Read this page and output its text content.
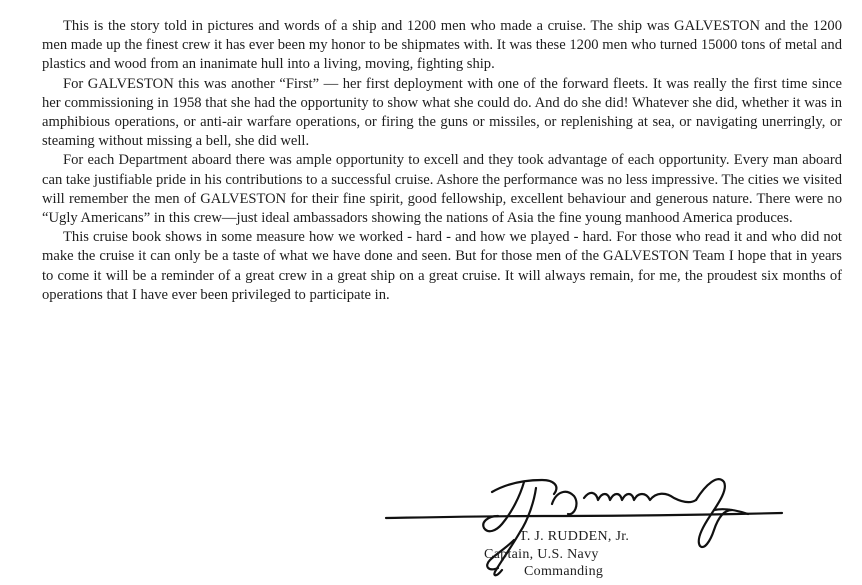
This is the story told in pictures and words of a ship and 1200 men who made a cruise. The ship was GALVESTON and the 1200 men made up the finest crew it has ever been my honor to be shipmates with. It was these 1200 men who turned 15000 tons of metal and plastics and wood from an inanimate hull into a living, moving, fighting ship.

For GALVESTON this was another “First” — her first deployment with one of the forward fleets. It was really the first time since her commissioning in 1958 that she had the opportunity to show what she could do. And do she did! Whatever she did, whether it was in amphibious operations, or anti-air warfare operations, or firing the guns or missiles, or replenishing at sea, or navigating unerringly, or steaming without missing a bell, she did well.

For each Department aboard there was ample opportunity to excell and they took advantage of each opportunity. Every man aboard can take justifiable pride in his contributions to a successful cruise. Ashore the performance was no less impressive. The cities we visited will remember the men of GALVESTON for their fine spirit, good fellowship, excellent behaviour and generous nature. There were no “Ugly Americans” in this crew—just ideal ambassadors showing the nations of Asia the fine young manhood America produces.

This cruise book shows in some measure how we worked - hard - and how we played - hard. For those who read it and who did not make the cruise it can only be a taste of what we have done and seen. But for those men of the GALVESTON Team I hope that in years to come it will be a reminder of a great crew in a great ship on a great cruise. It will always remain, for me, the proudest six months of operations that I have ever been privileged to participate in.

T. J. RUDDEN, Jr.
Captain, U.S. Navy
Commanding
